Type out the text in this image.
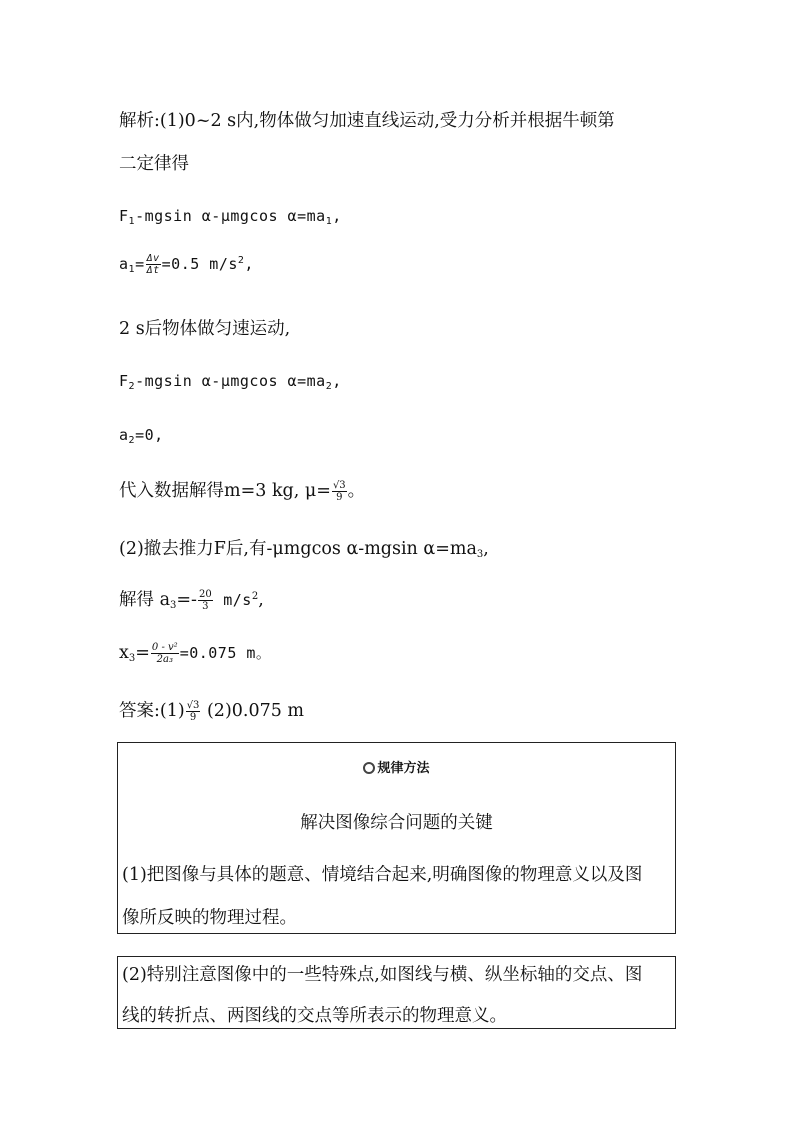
解析:(1)0~2 s内,物体做匀加速直线运动,受力分析并根据牛顿第
二定律得
$F_1$-mgsin α-μmgcos $\alpha=ma_1$,
$a_1= \frac{\Delta v}{\Delta t} =0.5$ $m/s^2$,
2 s后物体做匀速运动,
$F_2$-mgsin α-μmgcos $\alpha=ma_2$,
$a_2=0$,
代入数据解得m=3 kg, $\mu= \frac{√3}{9}$ 。
(2)撤去推力F后,有-μmgcos α-mgsin $\alpha=ma_3$,
解得 $a_3=- \frac{20}{3} m/s^2$,
$x_3= \frac{\text{0 - v²}}{\text{2a₃}} =0.075$ m。
答案:(1) $\frac{√3}{9} (2)0.075$ m
规律方法
解决图像综合问题的关键
(1)把图像与具体的题意、情境结合起来,明确图像的物理意义以及图
像所反映的物理过程。
(2)特别注意图像中的一些特殊点,如图线与横、纵坐标轴的交点、图
线的转折点、两图线的交点等所表示的物理意义。
